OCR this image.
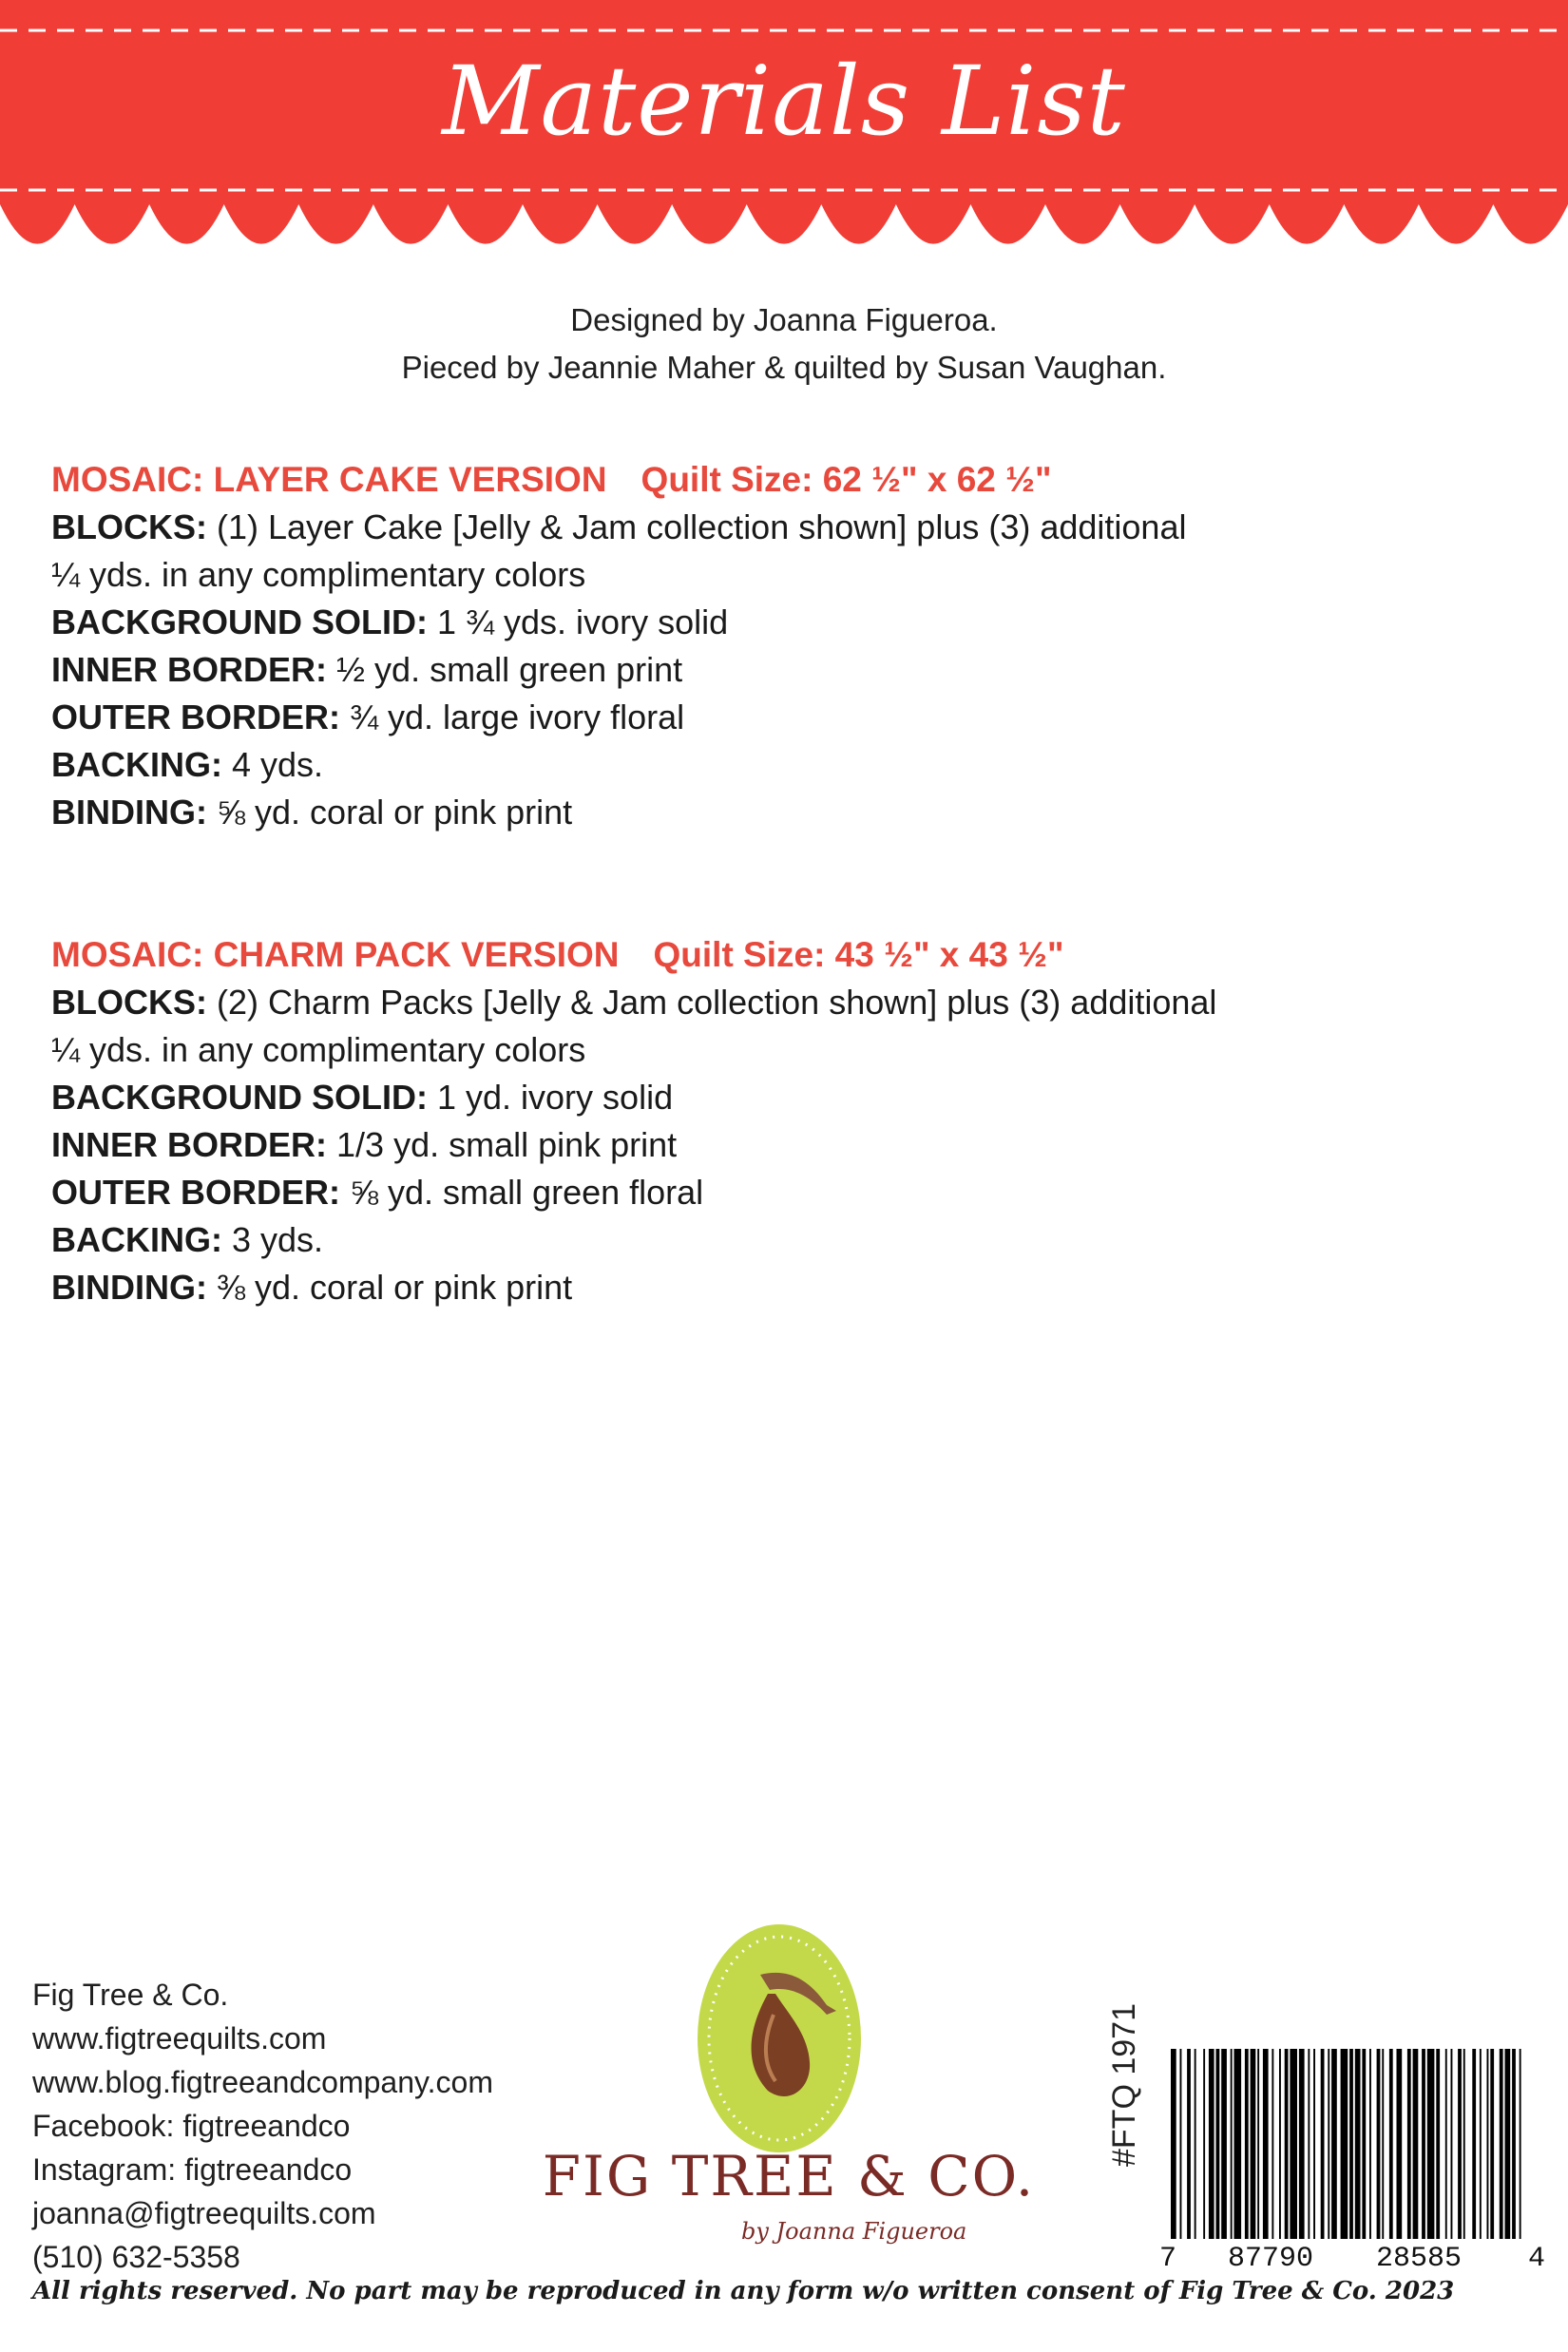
Materials List
Designed by Joanna Figueroa.
Pieced by Jeannie Maher & quilted by Susan Vaughan.
MOSAIC: LAYER CAKE VERSION Quilt Size: 62 ½" x 62 ½"
BLOCKS: (1) Layer Cake [Jelly & Jam collection shown] plus (3) additional
¼ yds. in any complimentary colors
BACKGROUND SOLID: 1 ¾ yds. ivory solid
INNER BORDER: ½ yd. small green print
OUTER BORDER: ¾ yd. large ivory floral
BACKING: 4 yds.
BINDING: ⅝ yd. coral or pink print
MOSAIC: CHARM PACK VERSION Quilt Size: 43 ½" x 43 ½"
BLOCKS: (2) Charm Packs [Jelly & Jam collection shown] plus (3) additional
¼ yds. in any complimentary colors
BACKGROUND SOLID: 1 yd. ivory solid
INNER BORDER: 1/3 yd. small pink print
OUTER BORDER: ⅝ yd. small green floral
BACKING: 3 yds.
BINDING: ⅜ yd. coral or pink print
Fig Tree & Co.
www.figtreequilts.com
www.blog.figtreeandcompany.com
Facebook: figtreeandco
Instagram: figtreeandco
joanna@figtreequilts.com
(510) 632-5358
FIG TREE & CO.
by Joanna Figueroa
#FTQ 1971
7 87790 28585 4
All rights reserved. No part may be reproduced in any form w/o written consent of Fig Tree & Co. 2023
